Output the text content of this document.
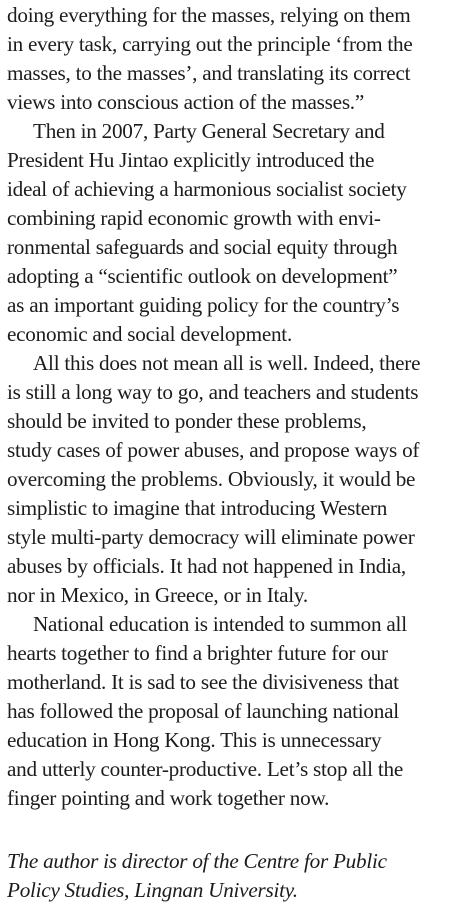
doing everything for the masses, relying on them
in every task, carrying out the principle ‘from the
masses, to the masses’, and translating its correct
views into conscious action of the masses.”
Then in 2007, Party General Secretary and
President Hu Jintao explicitly introduced the
ideal of achieving a harmonious socialist society
combining rapid economic growth with envi-
ronmental safeguards and social equity through
adopting a “scientific outlook on development”
as an important guiding policy for the country’s
economic and social development.
All this does not mean all is well. Indeed, there
is still a long way to go, and teachers and students
should be invited to ponder these problems,
study cases of power abuses, and propose ways of
overcoming the problems. Obviously, it would be
simplistic to imagine that introducing Western
style multi-party democracy will eliminate power
abuses by officials. It had not happened in India,
nor in Mexico, in Greece, or in Italy.
National education is intended to summon all
hearts together to find a brighter future for our
motherland. It is sad to see the divisiveness that
has followed the proposal of launching national
education in Hong Kong. This is unnecessary
and utterly counter-productive. Let’s stop all the
finger pointing and work together now.
The author is director of the Centre for Public
Policy Studies, Lingnan University.
